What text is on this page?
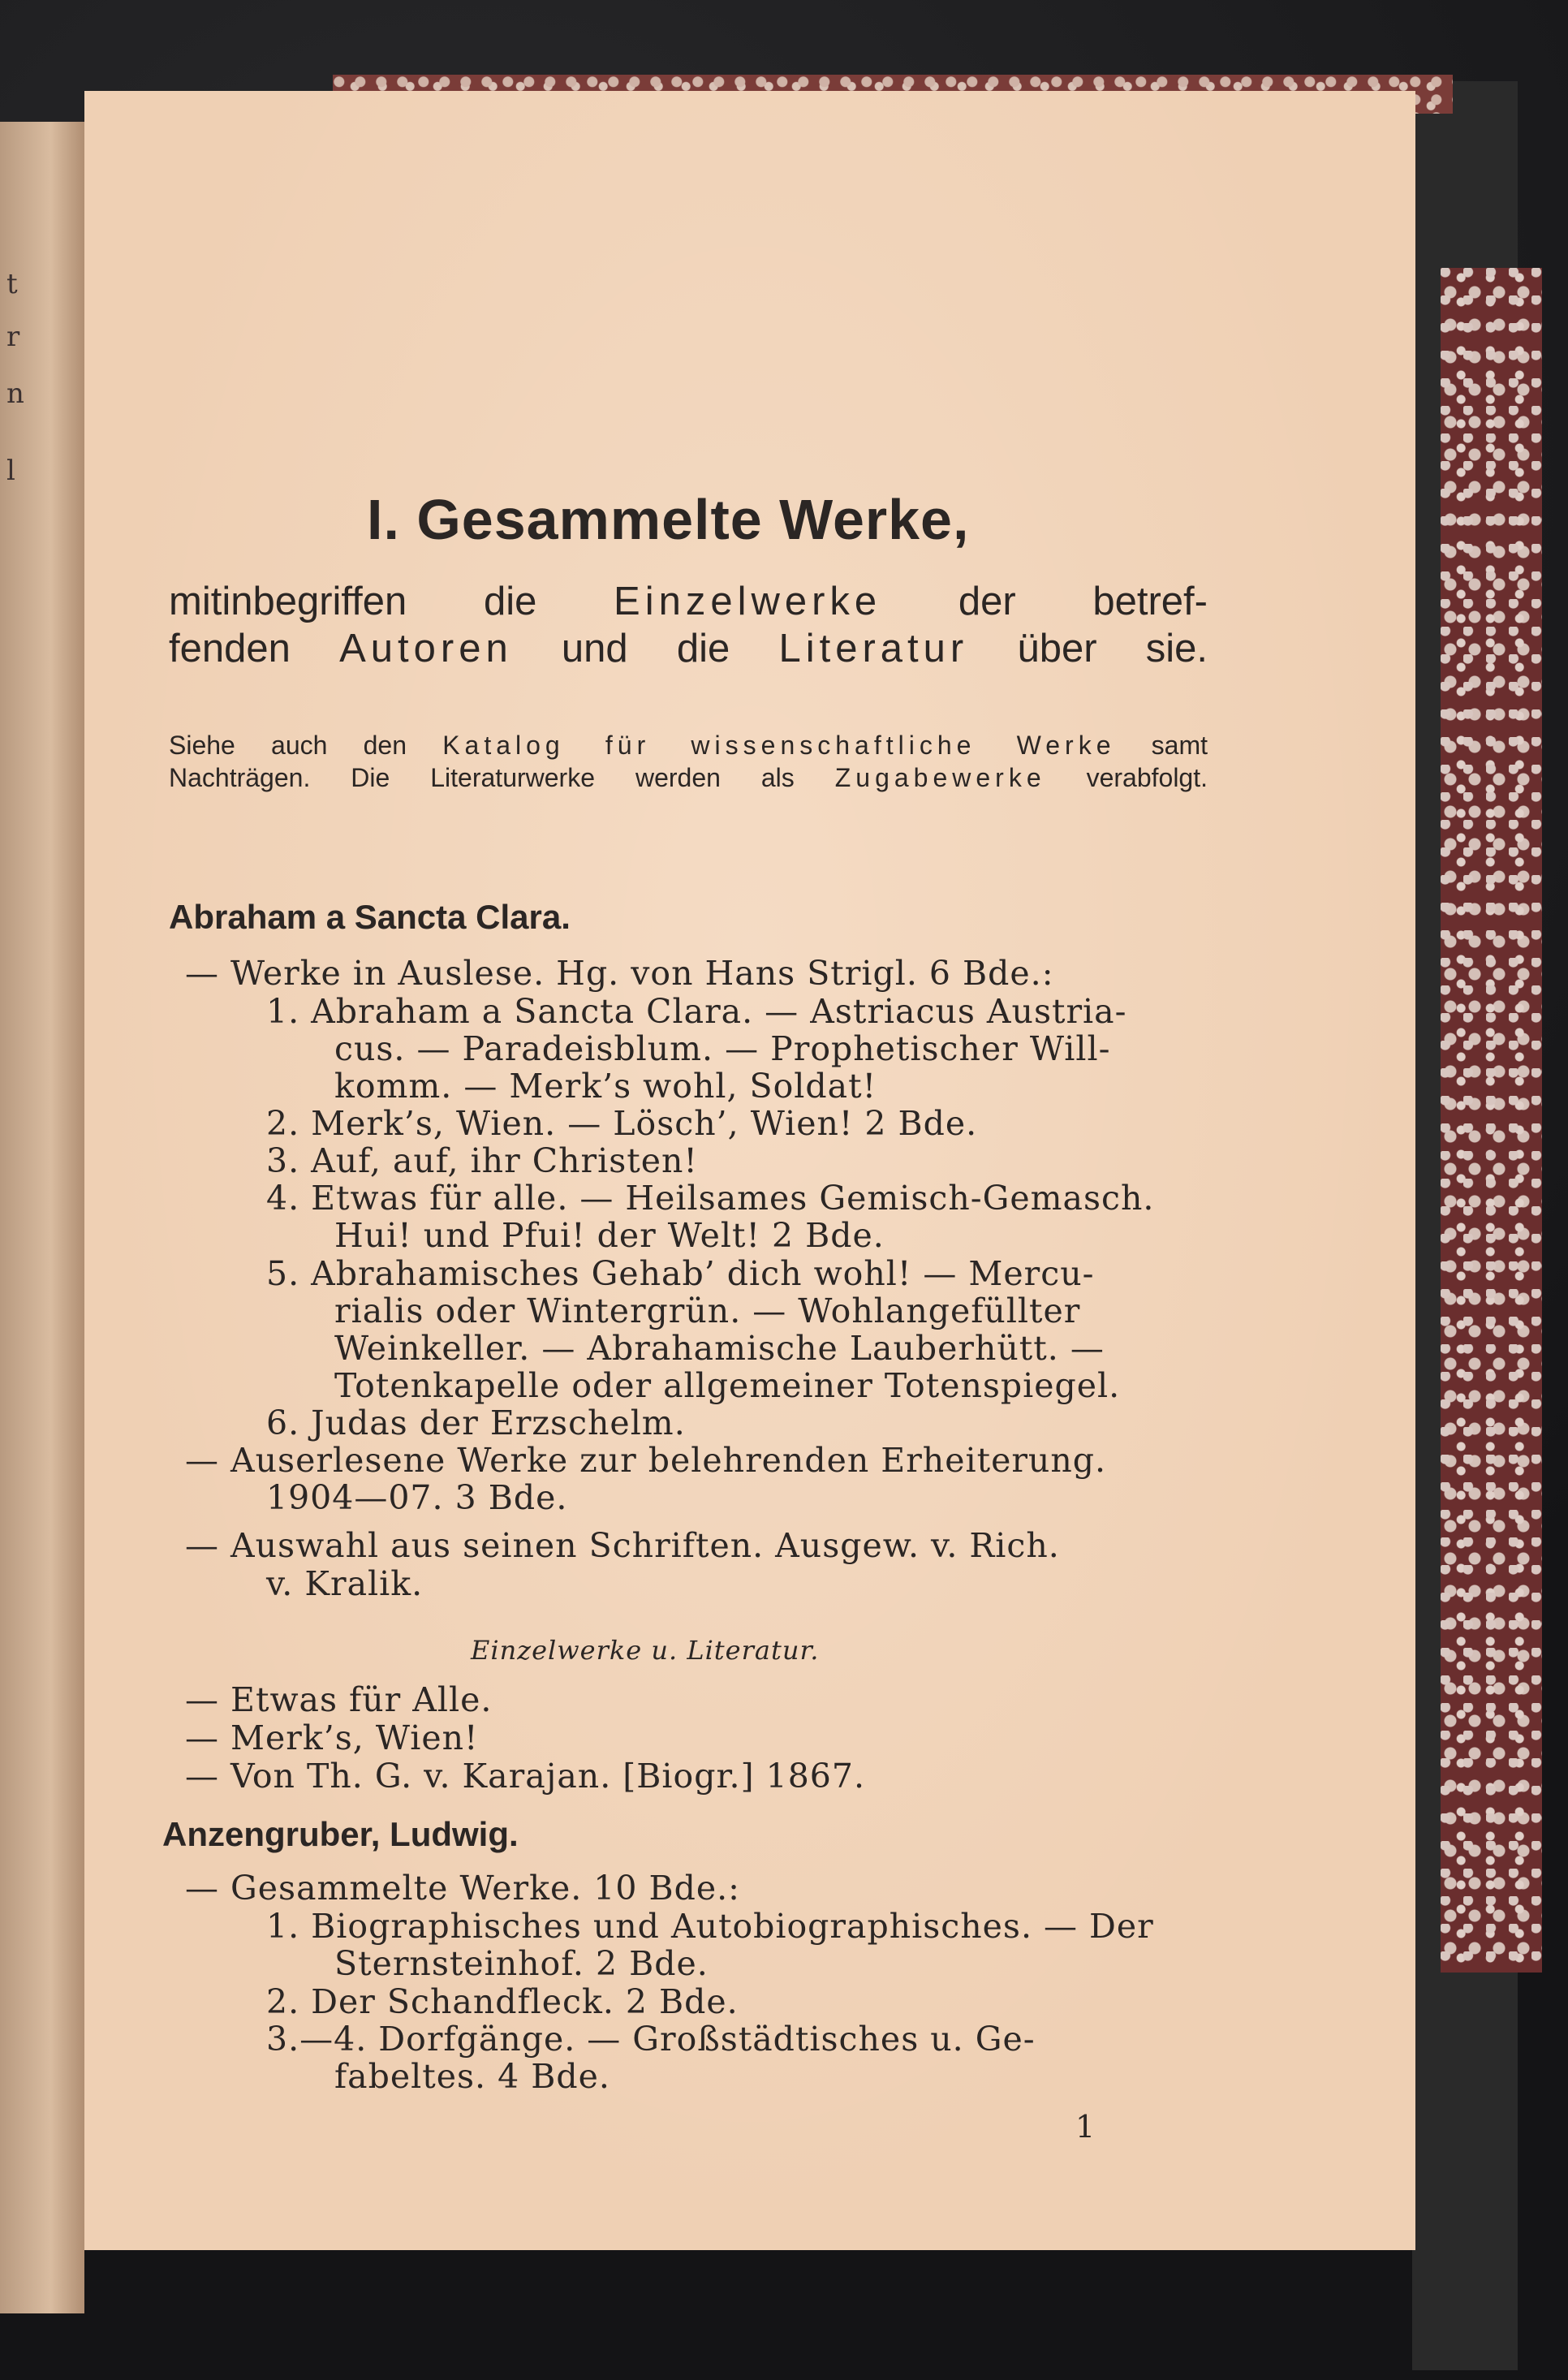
t
r
n
l
I. Gesammelte Werke,
mitinbegriffen die Einzelwerke der betref-
fenden Autoren und die Literatur über sie.
Siehe auch den Katalog für wissenschaftliche Werke samt
Nachträgen. Die Literaturwerke werden als Zugabewerke verabfolgt.
Abraham a Sancta Clara.
— Werke in Auslese. Hg. von Hans Strigl. 6 Bde.:
1. Abraham a Sancta Clara. — Astriacus Austria-
cus. — Paradeisblum. — Prophetischer Will-
komm. — Merk’s wohl, Soldat!
2. Merk’s, Wien. — Lösch’, Wien! 2 Bde.
3. Auf, auf, ihr Christen!
4. Etwas für alle. — Heilsames Gemisch-Gemasch.
Hui! und Pfui! der Welt! 2 Bde.
5. Abrahamisches Gehab’ dich wohl! — Mercu-
rialis oder Wintergrün. — Wohlangefüllter
Weinkeller. — Abrahamische Lauberhütt. —
Totenkapelle oder allgemeiner Totenspiegel.
6. Judas der Erzschelm.
— Auserlesene Werke zur belehrenden Erheiterung.
1904—07. 3 Bde.
— Auswahl aus seinen Schriften. Ausgew. v. Rich.
v. Kralik.
Einzelwerke u. Literatur.
— Etwas für Alle.
— Merk’s, Wien!
— Von Th. G. v. Karajan. [Biogr.] 1867.
Anzengruber, Ludwig.
— Gesammelte Werke. 10 Bde.:
1. Biographisches und Autobiographisches. — Der
Sternsteinhof. 2 Bde.
2. Der Schandfleck. 2 Bde.
3.—4. Dorfgänge. — Großstädtisches u. Ge-
fabeltes. 4 Bde.
1
